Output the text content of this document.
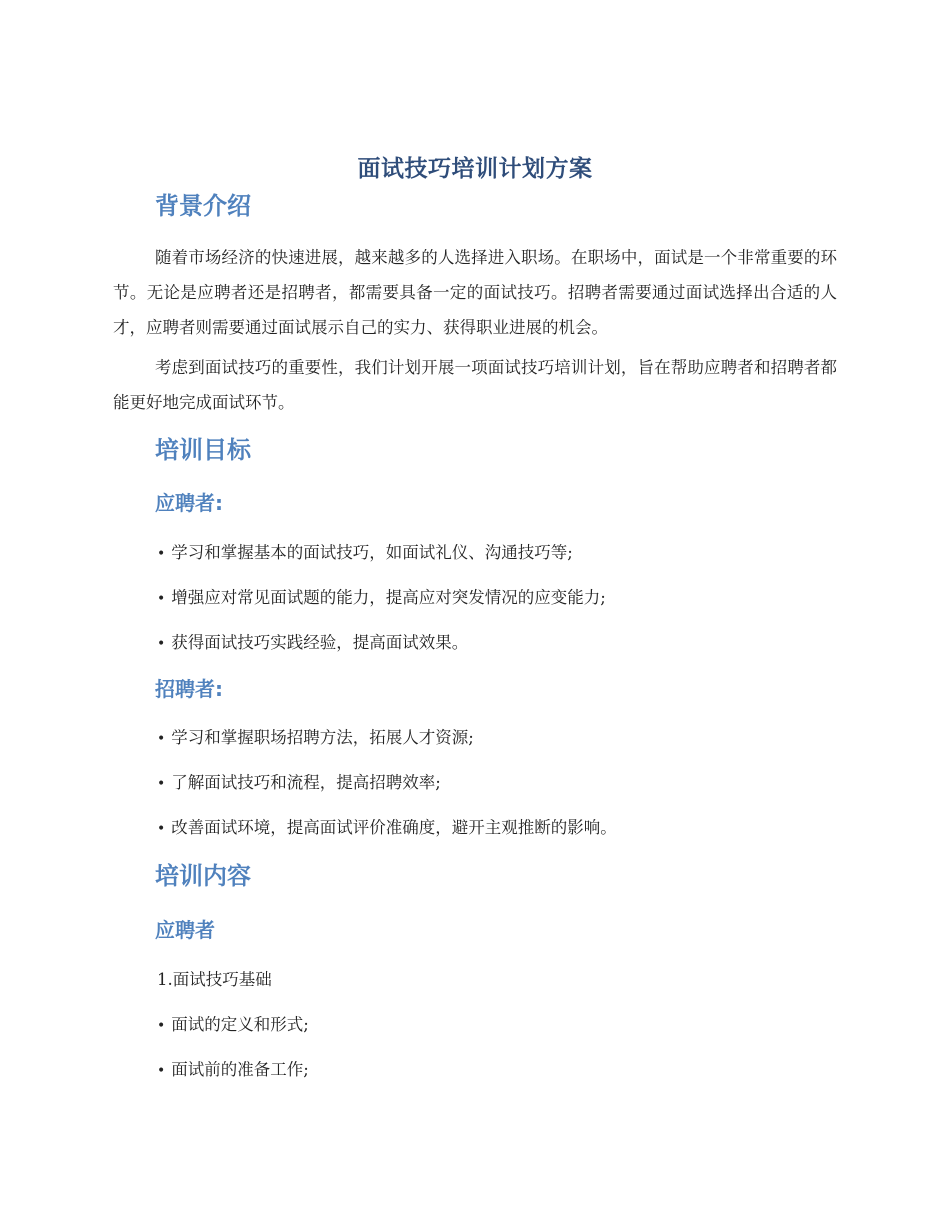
面试技巧培训计划方案
背景介绍

随着市场经济的快速进展，越来越多的人选择进入职场。在职场中，面试是一个非常重要的环节。无论是应聘者还是招聘者，都需要具备一定的面试技巧。招聘者需要通过面试选择出合适的人才，应聘者则需要通过面试展示自己的实力、获得职业进展的机会。

考虑到面试技巧的重要性，我们计划开展一项面试技巧培训计划，旨在帮助应聘者和招聘者都能更好地完成面试环节。

培训目标
应聘者:

• 学习和掌握基本的面试技巧，如面试礼仪、沟通技巧等;

• 增强应对常见面试题的能力，提高应对突发情况的应变能力;

• 获得面试技巧实践经验，提高面试效果。

招聘者:

• 学习和掌握职场招聘方法，拓展人才资源;

• 了解面试技巧和流程，提高招聘效率;

• 改善面试环境，提高面试评价准确度，避开主观推断的影响。

培训内容
应聘者

1.面试技巧基础

• 面试的定义和形式;

• 面试前的准备工作;
